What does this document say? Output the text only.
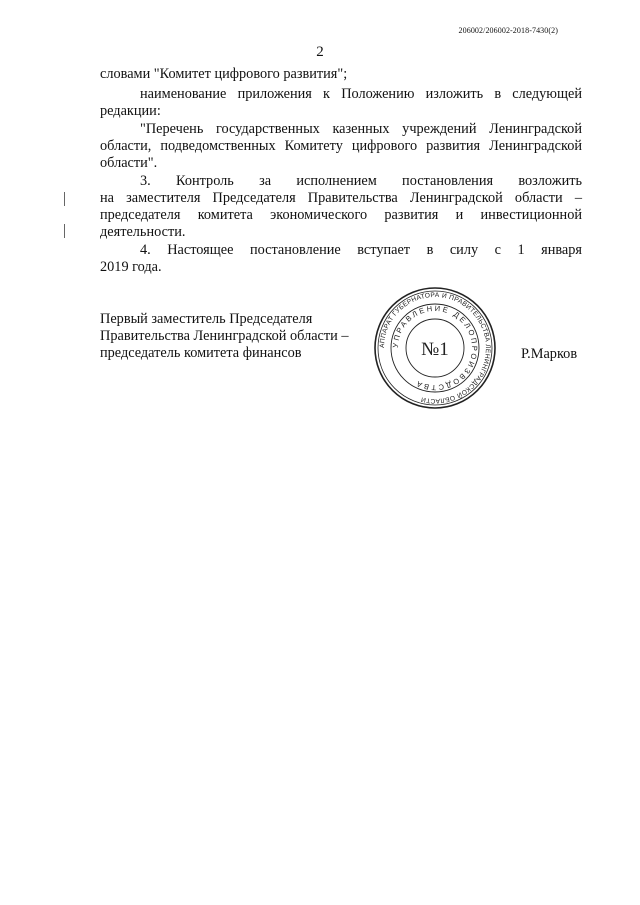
206002/206002-2018-7430(2)
2
словами "Комитет цифрового развития";
наименование приложения к Положению изложить в следующей
редакции:
"Перечень государственных казенных учреждений Ленинградской
области, подведомственных Комитету цифрового развития Ленинградской
области".
3. Контроль за исполнением постановления возложить
на заместителя Председателя Правительства Ленинградской области –
председателя комитета экономического развития и инвестиционной
деятельности.
4. Настоящее постановление вступает в силу с 1 января
2019 года.
Первый заместитель Председателя
Правительства Ленинградской области –
председатель комитета финансов	АППАРАТ ГУБЕРНАТОРА И ПРАВИТЕЛЬСТВА ЛЕНИНГРАДСКОЙ ОБЛАСТИ
УПРАВЛЕНИЕ ДЕЛОПРОИЗВОДСТВА
№1	Р.Марков
